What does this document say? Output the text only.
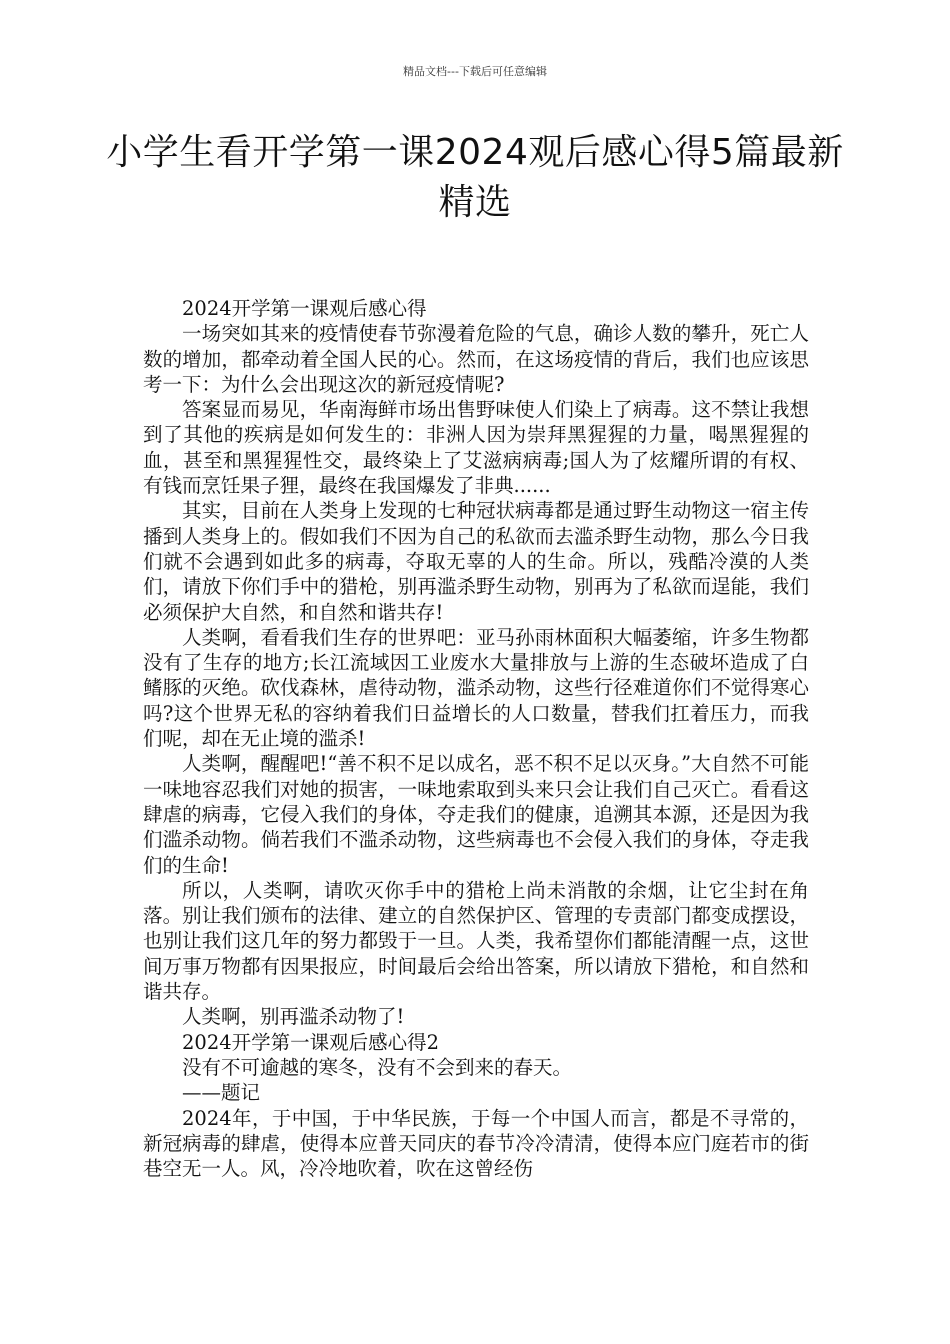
精品文档---下载后可任意编辑
小学生看开学第一课2024观后感心得5篇最新精选

2024开学第一课观后感心得

一场突如其来的疫情使春节弥漫着危险的气息，确诊人数的攀升，死亡人数的增加，都牵动着全国人民的心。然而，在这场疫情的背后，我们也应该思考一下：为什么会出现这次的新冠疫情呢?

答案显而易见，华南海鲜市场出售野味使人们染上了病毒。这不禁让我想到了其他的疾病是如何发生的：非洲人因为崇拜黑猩猩的力量，喝黑猩猩的血，甚至和黑猩猩性交，最终染上了艾滋病病毒;国人为了炫耀所谓的有权、有钱而烹饪果子狸，最终在我国爆发了非典......

其实，目前在人类身上发现的七种冠状病毒都是通过野生动物这一宿主传播到人类身上的。假如我们不因为自己的私欲而去滥杀野生动物，那么今日我们就不会遇到如此多的病毒，夺取无辜的人的生命。所以，残酷冷漠的人类们，请放下你们手中的猎枪，别再滥杀野生动物，别再为了私欲而逞能，我们必须保护大自然，和自然和谐共存!

人类啊，看看我们生存的世界吧：亚马孙雨林面积大幅萎缩，许多生物都没有了生存的地方;长江流域因工业废水大量排放与上游的生态破坏造成了白鳍豚的灭绝。砍伐森林，虐待动物，滥杀动物，这些行径难道你们不觉得寒心吗?这个世界无私的容纳着我们日益增长的人口数量，替我们扛着压力，而我们呢，却在无止境的滥杀!

人类啊，醒醒吧!“善不积不足以成名，恶不积不足以灭身。”大自然不可能一味地容忍我们对她的损害，一味地索取到头来只会让我们自己灭亡。看看这肆虐的病毒，它侵入我们的身体，夺走我们的健康，追溯其本源，还是因为我们滥杀动物。倘若我们不滥杀动物，这些病毒也不会侵入我们的身体，夺走我们的生命!

所以，人类啊，请吹灭你手中的猎枪上尚未消散的余烟，让它尘封在角落。别让我们颁布的法律、建立的自然保护区、管理的专责部门都变成摆设，也别让我们这几年的努力都毁于一旦。人类，我希望你们都能清醒一点，这世间万事万物都有因果报应，时间最后会给出答案，所以请放下猎枪，和自然和谐共存。

人类啊，别再滥杀动物了!

2024开学第一课观后感心得2

没有不可逾越的寒冬，没有不会到来的春天。

——题记

2024年，于中国，于中华民族，于每一个中国人而言，都是不寻常的，新冠病毒的肆虐，使得本应普天同庆的春节冷冷清清，使得本应门庭若市的街巷空无一人。风，冷冷地吹着，吹在这曾经伤
